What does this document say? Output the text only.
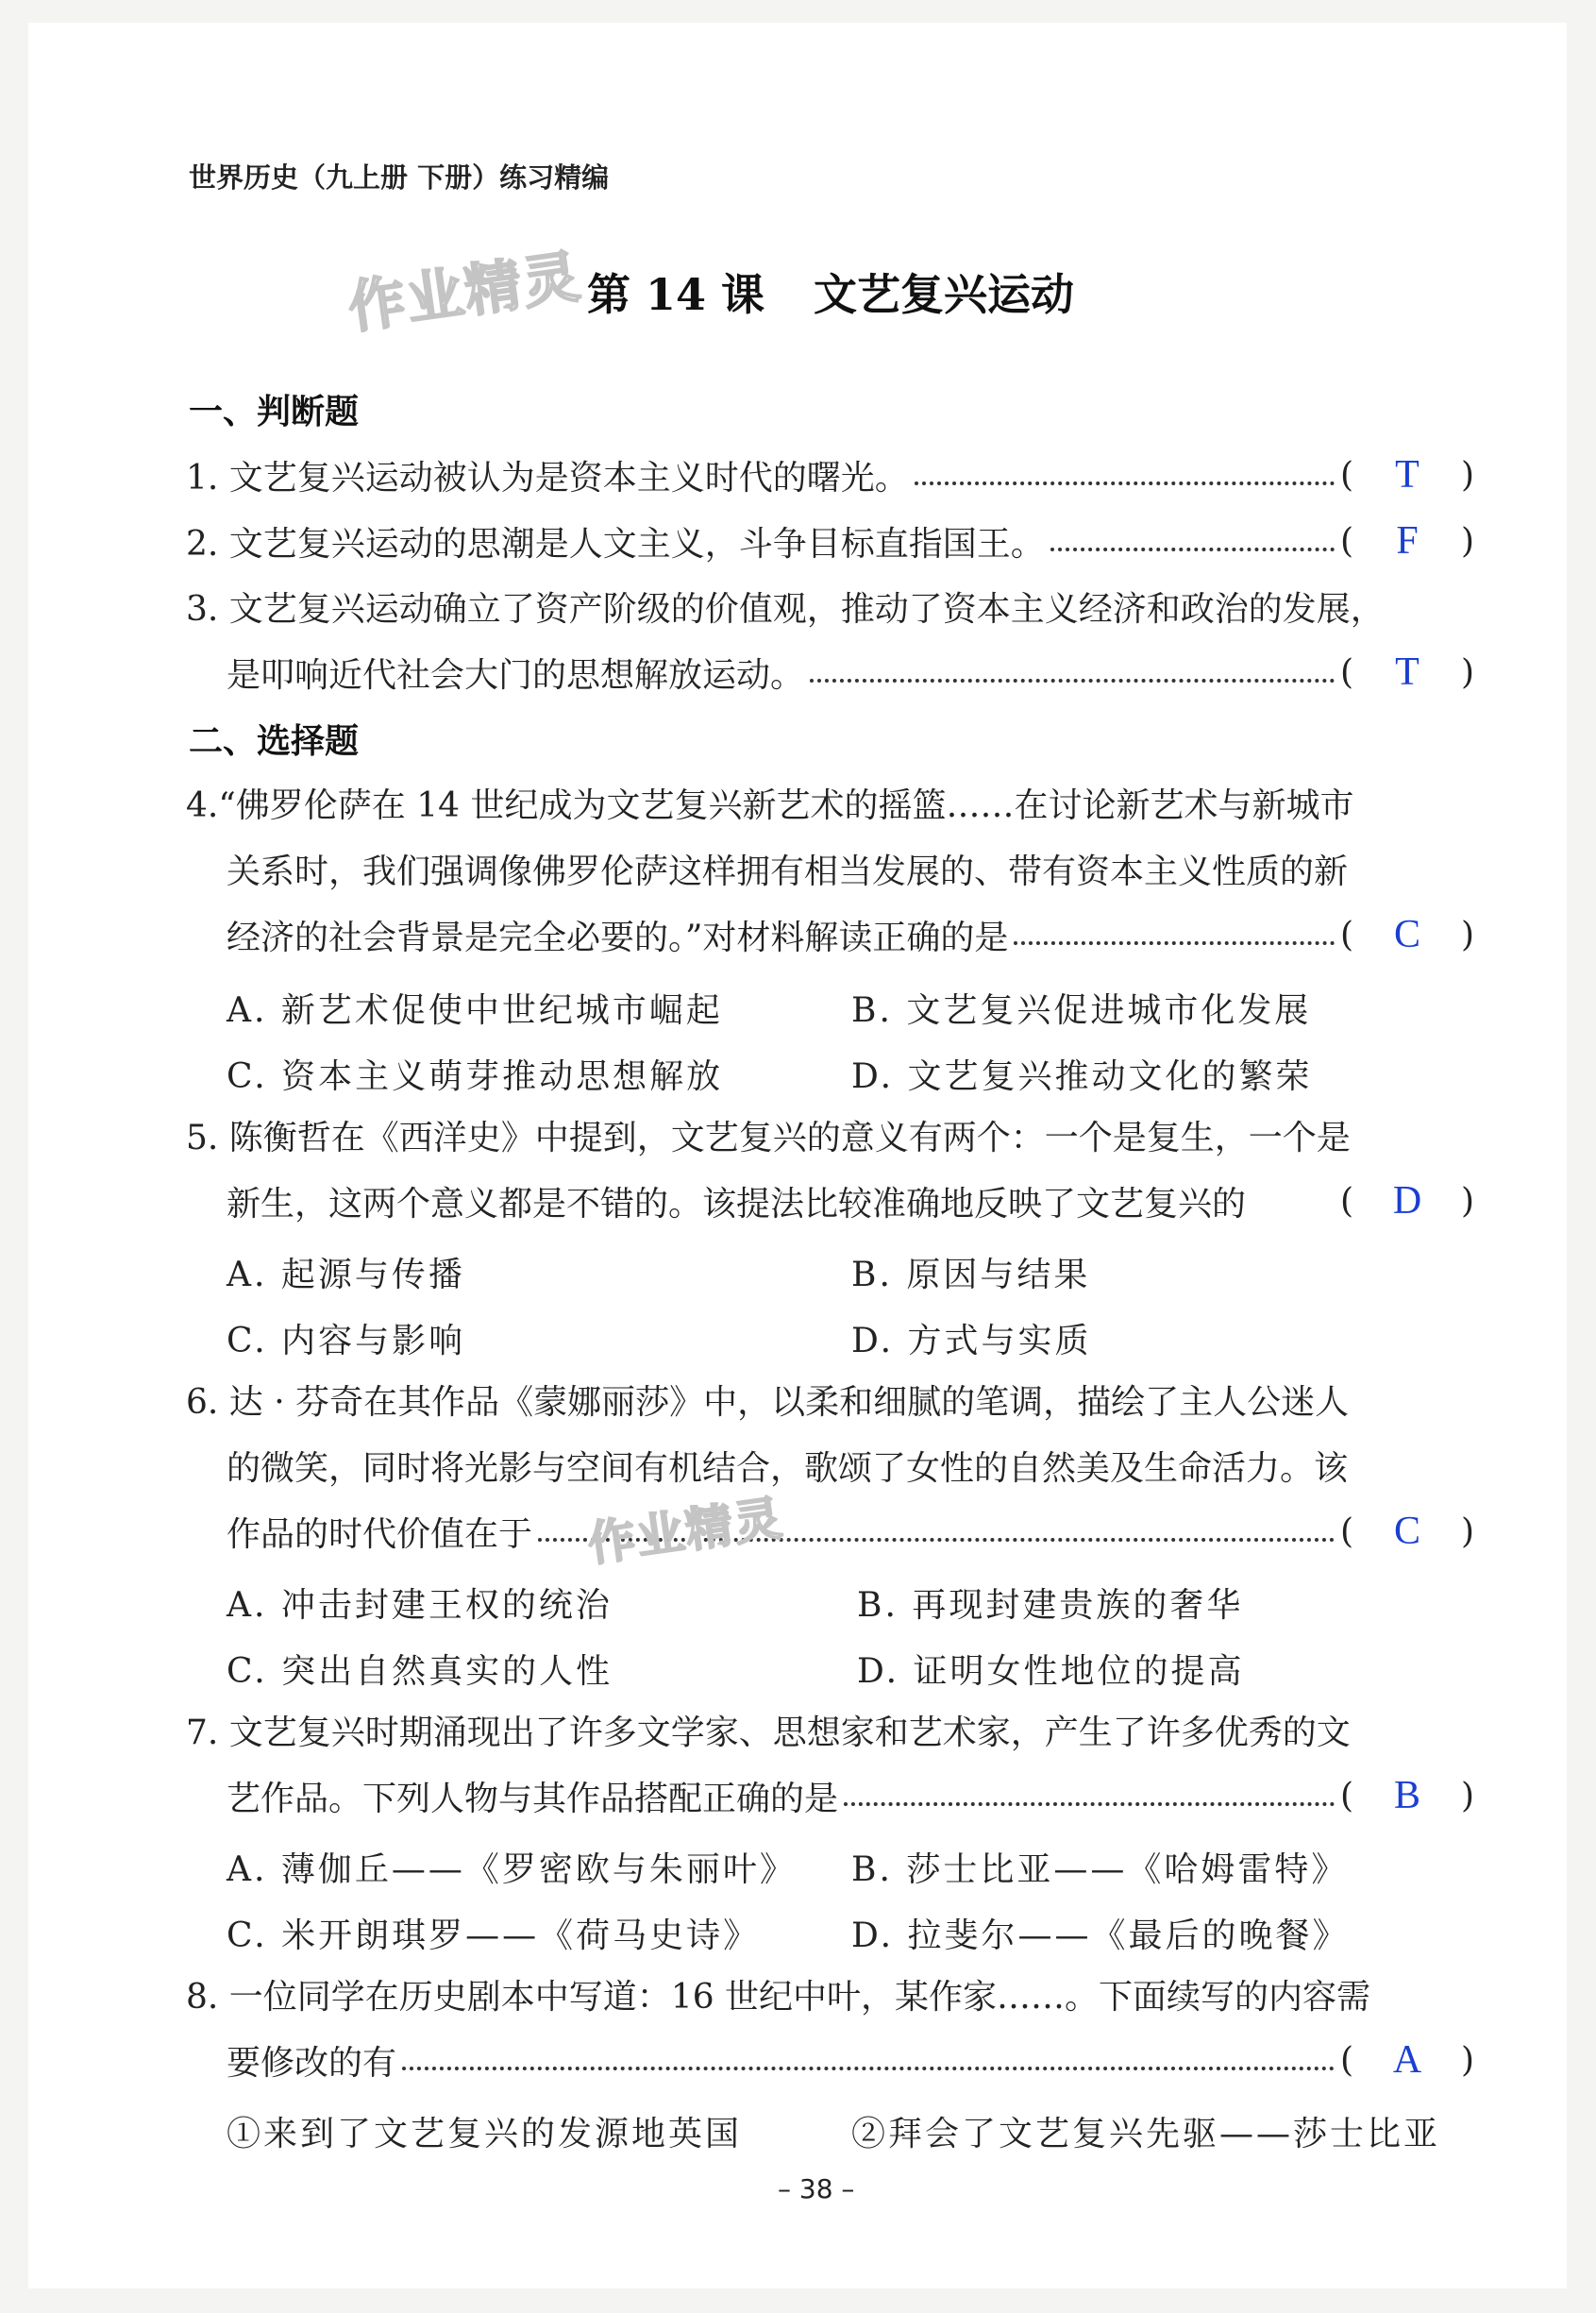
世界历史（九上册 下册）练习精编
作业精灵 第 14 课 文艺复兴运动
一、判断题
1. 文艺复兴运动被认为是资本主义时代的曙光。	( T )
2. 文艺复兴运动的思潮是人文主义，斗争目标直指国王。	( F )
3. 文艺复兴运动确立了资产阶级的价值观，推动了资本主义经济和政治的发展，
是叩响近代社会大门的思想解放运动。	( T )
二、选择题
4.“佛罗伦萨在 14 世纪成为文艺复兴新艺术的摇篮……在讨论新艺术与新城市
关系时，我们强调像佛罗伦萨这样拥有相当发展的、带有资本主义性质的新
经济的社会背景是完全必要的。”对材料解读正确的是	( C )
A. 新艺术促使中世纪城市崛起	B. 文艺复兴促进城市化发展
C. 资本主义萌芽推动思想解放	D. 文艺复兴推动文化的繁荣
5. 陈衡哲在《西洋史》中提到，文艺复兴的意义有两个：一个是复生，一个是
新生，这两个意义都是不错的。该提法比较准确地反映了文艺复兴的	( D )
A. 起源与传播	B. 原因与结果
C. 内容与影响	D. 方式与实质
6. 达 · 芬奇在其作品《蒙娜丽莎》中，以柔和细腻的笔调，描绘了主人公迷人
的微笑，同时将光影与空间有机结合，歌颂了女性的自然美及生命活力。该
作品的时代价值在于	( C )
作业精灵
A. 冲击封建王权的统治	B. 再现封建贵族的奢华
C. 突出自然真实的人性	D. 证明女性地位的提高
7. 文艺复兴时期涌现出了许多文学家、思想家和艺术家，产生了许多优秀的文
艺作品。下列人物与其作品搭配正确的是	( B )
A. 薄伽丘——《罗密欧与朱丽叶》 B. 莎士比亚——《哈姆雷特》
C. 米开朗琪罗——《荷马史诗》	D. 拉斐尔——《最后的晚餐》
8. 一位同学在历史剧本中写道：16 世纪中叶，某作家……。下面续写的内容需
要修改的有	( A )
①来到了文艺复兴的发源地英国	②拜会了文艺复兴先驱——莎士比亚
– 38 –
